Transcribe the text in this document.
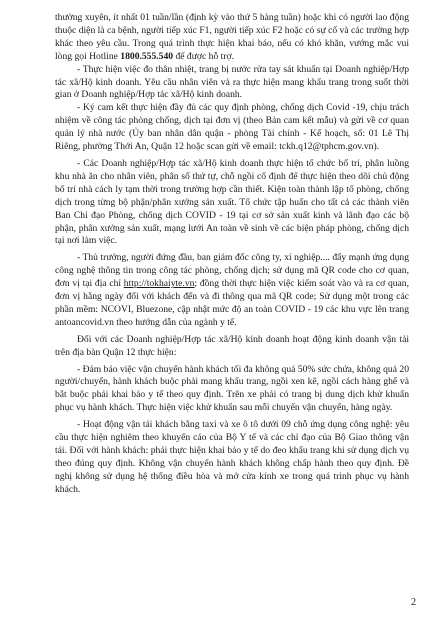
thường xuyên, ít nhất 01 tuần/lần (định kỳ vào thứ 5 hàng tuần) hoặc khi có người lao động thuộc diện là ca bệnh, người tiếp xúc F1, người tiếp xúc F2 hoặc có sự cố và các trường hợp khác theo yêu cầu. Trong quá trình thực hiện khai báo, nếu có khó khăn, vướng mắc vui lòng gọi Hotline 1800.555.540 để được hỗ trợ.

- Thực hiện việc đo thân nhiệt, trang bị nước rửa tay sát khuẩn tại Doanh nghiệp/Hợp tác xã/Hộ kinh doanh. Yêu cầu nhân viên và ra thực hiện mang khẩu trang trong suốt thời gian ở Doanh nghiệp/Hợp tác xã/Hộ kinh doanh.

- Ký cam kết thực hiện đầy đủ các quy định phòng, chống dịch Covid -19, chịu trách nhiệm về công tác phòng chống, dịch tại đơn vị (theo Bản cam kết mẫu) và gửi về cơ quan quản lý nhà nước (Ủy ban nhân dân quận - phòng Tài chính - Kế hoạch, số: 01 Lê Thị Riêng, phường Thới An, Quận 12 hoặc scan gửi về email: tckh.q12@tphcm.gov.vn).

- Các Doanh nghiệp/Hợp tác xã/Hộ kinh doanh thực hiện tổ chức bố trí, phân luồng khu nhà ăn cho nhân viên, phân số thứ tự, chỗ ngồi cố định để thực hiện theo dõi chủ động bố trí nhà cách ly tạm thời trong trường hợp cần thiết. Kiện toàn thành lập tổ phòng, chống dịch trong từng bộ phận/phân xưởng sản xuất. Tổ chức tập huấn cho tất cả các thành viên Ban Chỉ đạo Phòng, chống dịch COVID - 19 tại cơ sở sản xuất kinh và lãnh đạo các bộ phận, phân xưởng sản xuất, mạng lưới An toàn về sinh về các biện pháp phòng, chống dịch tại nơi làm việc.

- Thủ trưởng, người đứng đầu, ban giám đốc công ty, xí nghiệp.... đẩy mạnh ứng dụng công nghệ thông tin trong công tác phòng, chống dịch; sử dụng mã QR code cho cơ quan, đơn vị tại địa chỉ http://tokhaiyte.vn; đồng thời thực hiện việc kiểm soát vào và ra cơ quan, đơn vị hằng ngày đối với khách đến và đi thông qua mã QR code; Sử dụng một trong các phần mềm: NCOVI, Bluezone, cập nhật mức độ an toàn COVID - 19 các khu vực lên trang antoancovid.vn theo hướng dẫn của ngành y tế.

Đối với các Doanh nghiệp/Hợp tác xã/Hộ kinh doanh hoạt động kinh doanh vận tải trên địa bàn Quận 12 thực hiện:

- Đảm bảo việc vận chuyển hành khách tối đa không quá 50% sức chứa, không quá 20 người/chuyến, hành khách buộc phải mang khẩu trang, ngồi xen kẽ, ngồi cách hàng ghế và bắt buộc phải khai báo y tế theo quy định. Trên xe phải có trang bị dung dịch khử khuẩn phục vụ hành khách. Thực hiện việc khử khuẩn sau mỗi chuyến vận chuyển, hàng ngày.

- Hoạt động vận tải khách bằng taxi và xe ô tô dưới 09 chỗ ứng dụng công nghệ: yêu cầu thực hiện nghiêm theo khuyến cáo của Bộ Y tế và các chỉ đạo của Bộ Giao thông vận tải. Đối với hành khách: phải thực hiện khai báo y tế do đeo khẩu trang khi sử dụng dịch vụ theo đúng quy định. Không vận chuyển hành khách không chấp hành theo quy định. Đề nghị không sử dụng hệ thống điều hòa và mở cửa kính xe trong quá trình phục vụ hành khách.

2
